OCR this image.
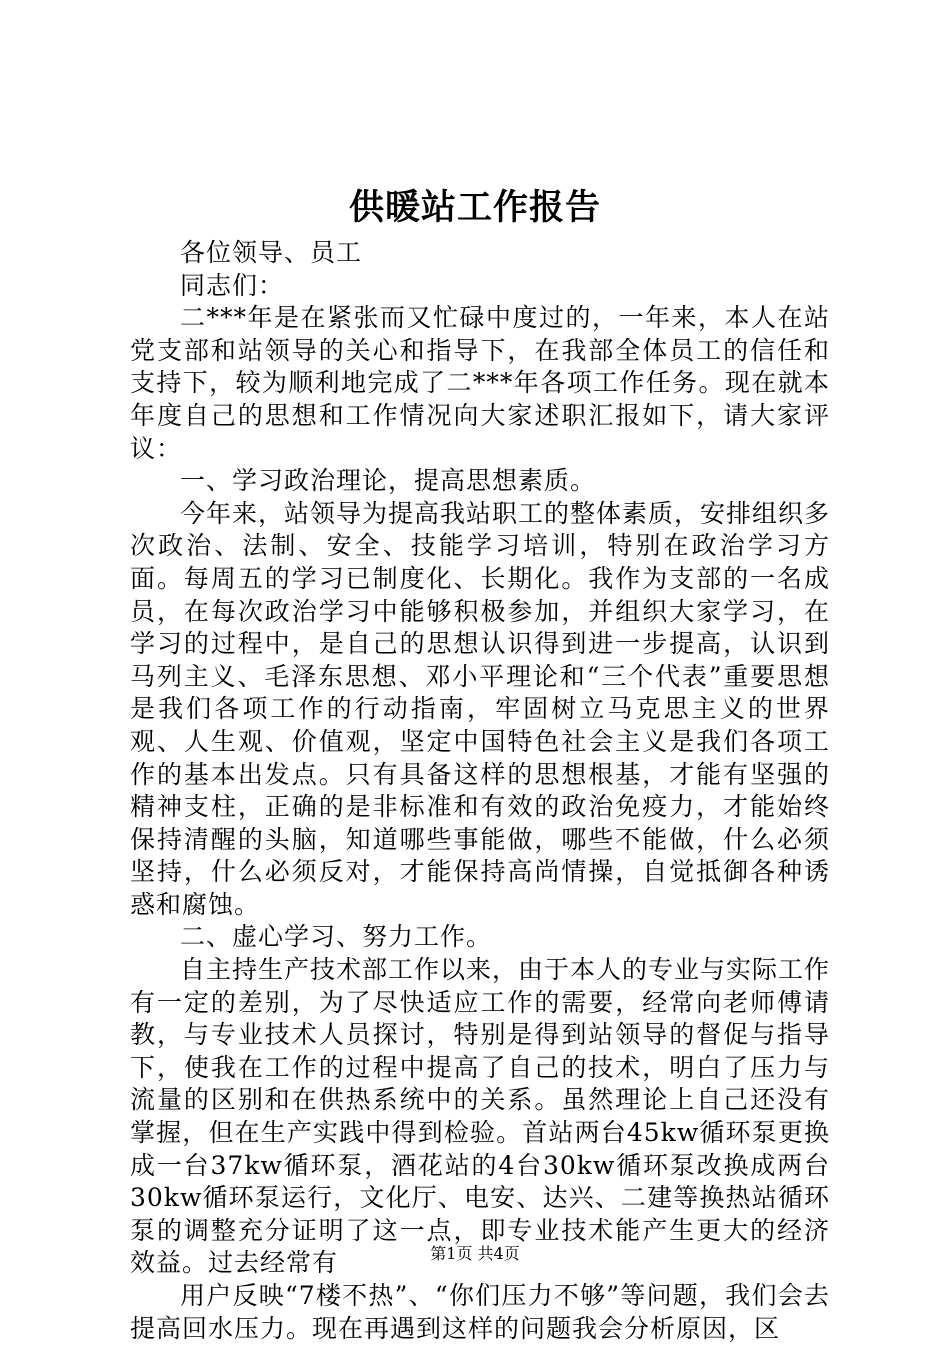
供暖站工作报告

各位领导、员工

同志们：

二***年是在紧张而又忙碌中度过的，一年来，本人在站党支部和站领导的关心和指导下，在我部全体员工的信任和支持下，较为顺利地完成了二***年各项工作任务。现在就本年度自己的思想和工作情况向大家述职汇报如下，请大家评议：

一、学习政治理论，提高思想素质。

今年来，站领导为提高我站职工的整体素质，安排组织多次政治、法制、安全、技能学习培训，特别在政治学习方面。每周五的学习已制度化、长期化。我作为支部的一名成员，在每次政治学习中能够积极参加，并组织大家学习，在学习的过程中，是自己的思想认识得到进一步提高，认识到马列主义、毛泽东思想、邓小平理论和“三个代表”重要思想是我们各项工作的行动指南，牢固树立马克思主义的世界观、人生观、价值观，坚定中国特色社会主义是我们各项工作的基本出发点。只有具备这样的思想根基，才能有坚强的精神支柱，正确的是非标准和有效的政治免疫力，才能始终保持清醒的头脑，知道哪些事能做，哪些不能做，什么必须坚持，什么必须反对，才能保持高尚情操，自觉抵御各种诱惑和腐蚀。

二、虚心学习、努力工作。

自主持生产技术部工作以来，由于本人的专业与实际工作有一定的差别，为了尽快适应工作的需要，经常向老师傅请教，与专业技术人员探讨，特别是得到站领导的督促与指导下，使我在工作的过程中提高了自己的技术，明白了压力与流量的区别和在供热系统中的关系。虽然理论上自己还没有掌握，但在生产实践中得到检验。首站两台45kw循环泵更换成一台37kw循环泵，酒花站的4台30kw循环泵改换成两台30kw循环泵运行，文化厅、电安、达兴、二建等换热站循环泵的调整充分证明了这一点，即专业技术能产生更大的经济效益。过去经常有

用户反映“7楼不热”、“你们压力不够”等问题，我们会去提高回水压力。现在再遇到这样的问题我会分析原因，区

第1页 共4页
